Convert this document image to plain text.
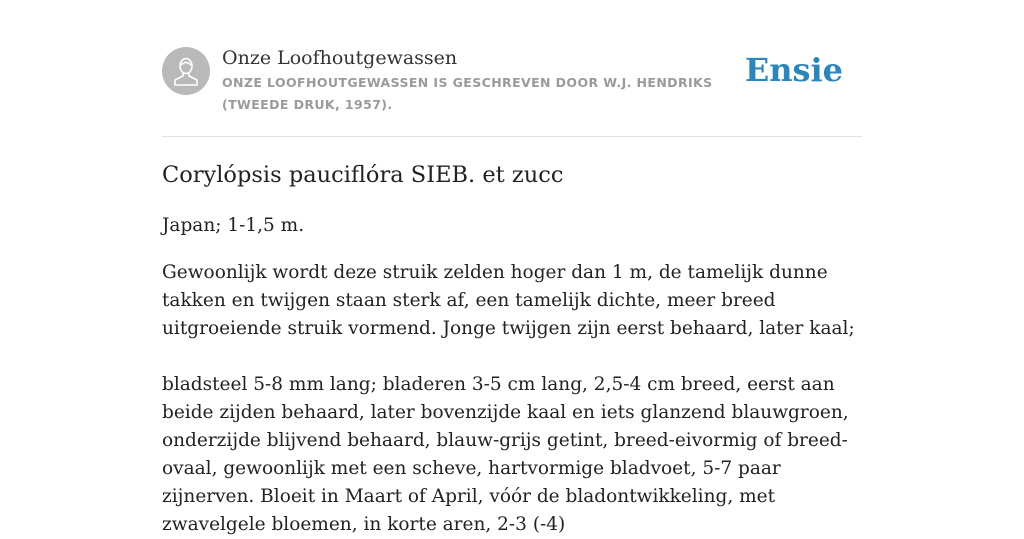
Onze Loofhoutgewassen
ONZE LOOFHOUTGEWASSEN IS GESCHREVEN DOOR W.J. HENDRIKS (TWEEDE DRUK, 1957).
Ensie
Corylópsis pauciflóra SIEB. et zucc

Japan; 1-1,5 m.

Gewoonlijk wordt deze struik zelden hoger dan 1 m, de tamelijk dunne takken en twijgen staan sterk af, een tamelijk dichte, meer breed uitgroeiende struik vormend. Jonge twijgen zijn eerst behaard, later kaal;

bladsteel 5-8 mm lang; bladeren 3-5 cm lang, 2,5-4 cm breed, eerst aan beide zijden behaard, later bovenzijde kaal en iets glanzend blauwgroen, onderzijde blijvend behaard, blauw-grijs getint, breed-eivormig of breed-ovaal, gewoonlijk met een scheve, hartvormige bladvoet, 5-7 paar zijnerven. Bloeit in Maart of April, vóór de bladontwikkeling, met zwavelgele bloemen, in korte aren, 2-3 (-4)
